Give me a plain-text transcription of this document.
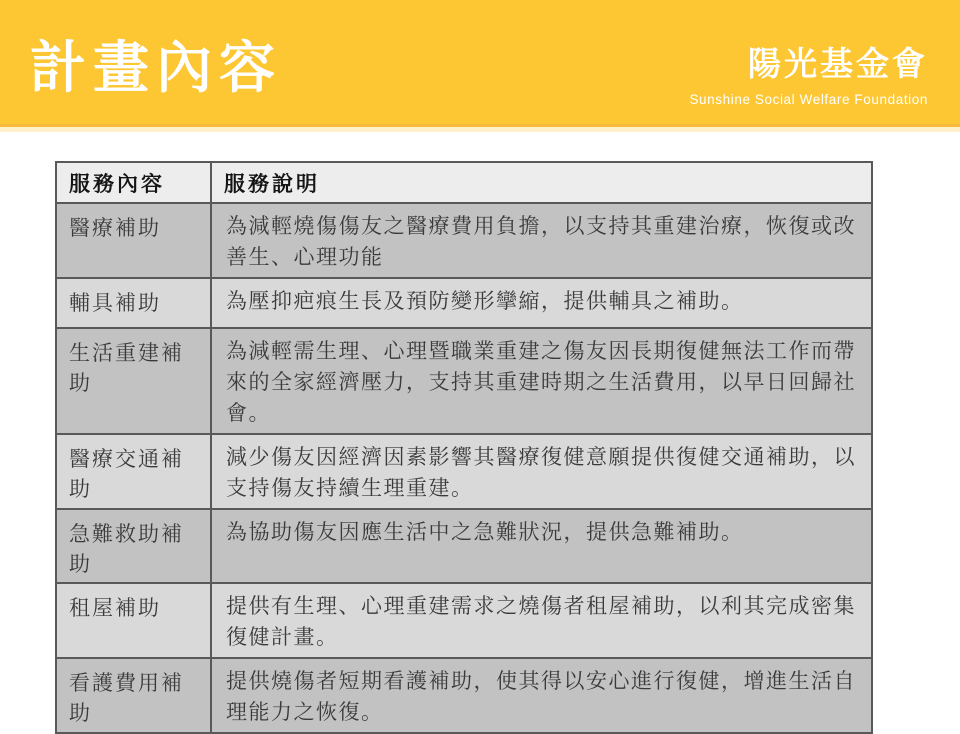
計畫內容	陽光基金會
Sunshine Social Welfare Foundation
服務內容	服務說明
醫療補助	為減輕燒傷傷友之醫療費用負擔，以支持其重建治療，恢復或改善生、心理功能
輔具補助	為壓抑疤痕生長及預防變形攣縮，提供輔具之補助。
生活重建補助	為減輕需生理、心理暨職業重建之傷友因長期復健無法工作而帶來的全家經濟壓力，支持其重建時期之生活費用，以早日回歸社會。
醫療交通補助	減少傷友因經濟因素影響其醫療復健意願提供復健交通補助，以支持傷友持續生理重建。
急難救助補助	為協助傷友因應生活中之急難狀況，提供急難補助。
租屋補助	提供有生理、心理重建需求之燒傷者租屋補助，以利其完成密集復健計畫。
看護費用補助	提供燒傷者短期看護補助，使其得以安心進行復健，增進生活自理能力之恢復。
